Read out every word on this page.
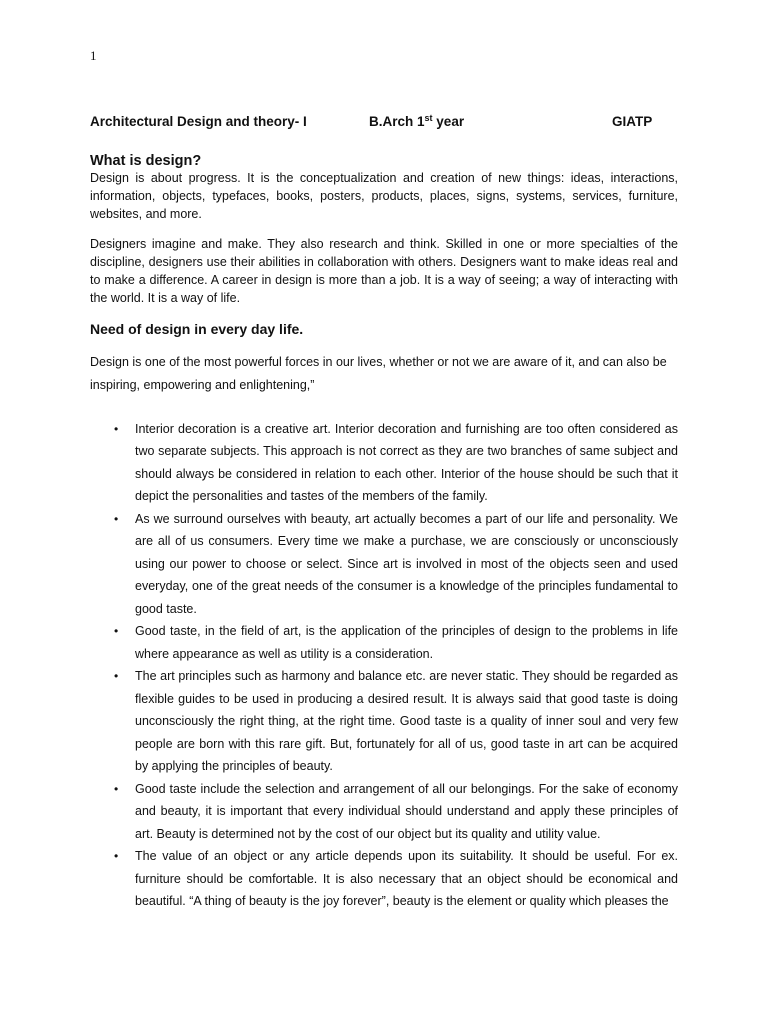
1
Architectural Design and theory- I	B.Arch 1st year	GIATP
What is design?

Design is about progress. It is the conceptualization and creation of new things: ideas, interactions, information, objects, typefaces, books, posters, products, places, signs, systems, services, furniture, websites, and more.

Designers imagine and make. They also research and think. Skilled in one or more specialties of the discipline, designers use their abilities in collaboration with others. Designers want to make ideas real and to make a difference. A career in design is more than a job. It is a way of seeing; a way of interacting with the world. It is a way of life.

Need of design in every day life.

Design is one of the most powerful forces in our lives, whether or not we are aware of it, and can also be inspiring, empowering and enlightening,”

• Interior decoration is a creative art. Interior decoration and furnishing are too often considered as two separate subjects. This approach is not correct as they are two branches of same subject and should always be considered in relation to each other. Interior of the house should be such that it depict the personalities and tastes of the members of the family.
• As we surround ourselves with beauty, art actually becomes a part of our life and personality. We are all of us consumers. Every time we make a purchase, we are consciously or unconsciously using our power to choose or select. Since art is involved in most of the objects seen and used everyday, one of the great needs of the consumer is a knowledge of the principles fundamental to good taste.
• Good taste, in the field of art, is the application of the principles of design to the problems in life where appearance as well as utility is a consideration.
• The art principles such as harmony and balance etc. are never static. They should be regarded as flexible guides to be used in producing a desired result. It is always said that good taste is doing unconsciously the right thing, at the right time. Good taste is a quality of inner soul and very few people are born with this rare gift. But, fortunately for all of us, good taste in art can be acquired by applying the principles of beauty.
• Good taste include the selection and arrangement of all our belongings. For the sake of economy and beauty, it is important that every individual should understand and apply these principles of art. Beauty is determined not by the cost of our object but its quality and utility value.
• The value of an object or any article depends upon its suitability. It should be useful. For ex. furniture should be comfortable. It is also necessary that an object should be economical and beautiful. “A thing of beauty is the joy forever”, beauty is the element or quality which pleases the
